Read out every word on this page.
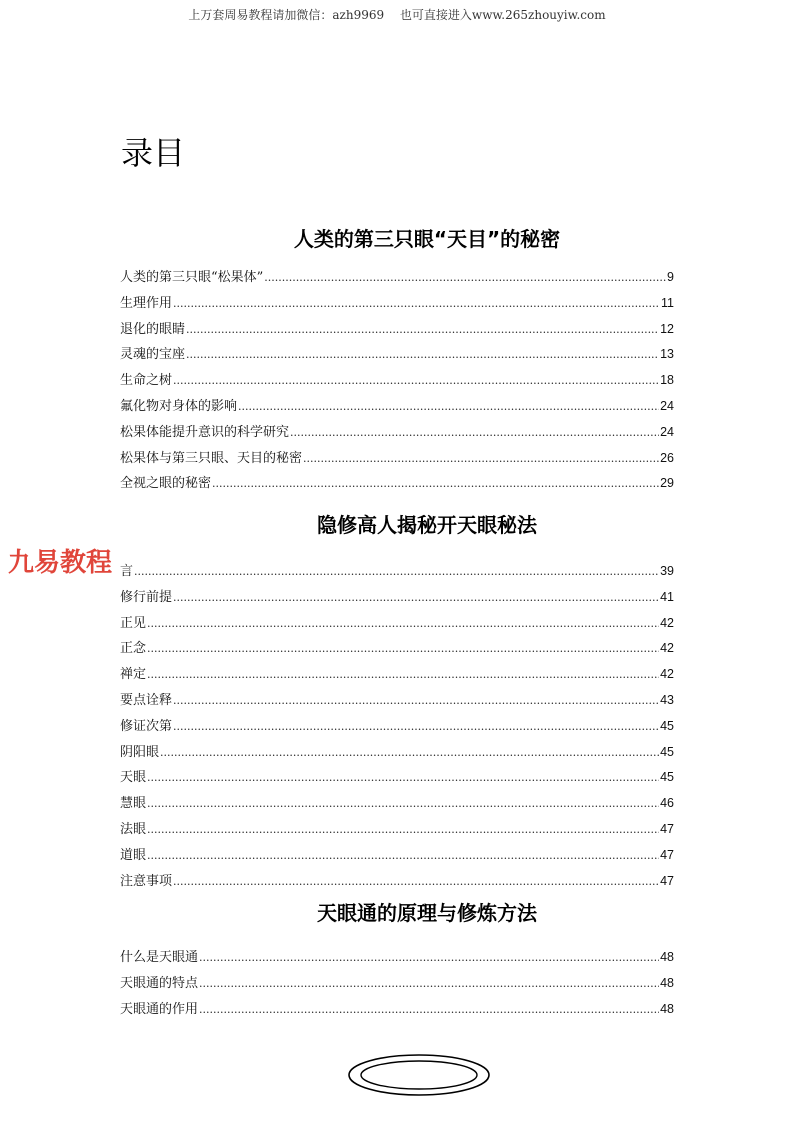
上万套周易教程请加微信：azh9969　 也可直接进入www.265zhouyiw.com
录目
人类的第三只眼“天目”的秘密
人类的第三只眼“松果体” .....	9
生理作用 .....	11
退化的眼睛 .....	12
灵魂的宝座 .....	13
生命之树 .....	18
氟化物对身体的影响 .....	24
松果体能提升意识的科学研究 .....	24
松果体与第三只眼、天目的秘密 .....	26
全视之眼的秘密 .....	29
隐修高人揭秘开天眼秘法
言 .....	39
修行前提 .....	41
正见 .....	42
正念 .....	42
禅定 .....	42
要点诠释 .....	43
修证次第 .....	45
阴阳眼 .....	45
天眼 .....	45
慧眼 .....	46
法眼 .....	47
道眼 .....	47
注意事项 .....	47
天眼通的原理与修炼方法
什么是天眼通 .....	48
天眼通的特点 .....	48
天眼通的作用 .....	48
九易教程
